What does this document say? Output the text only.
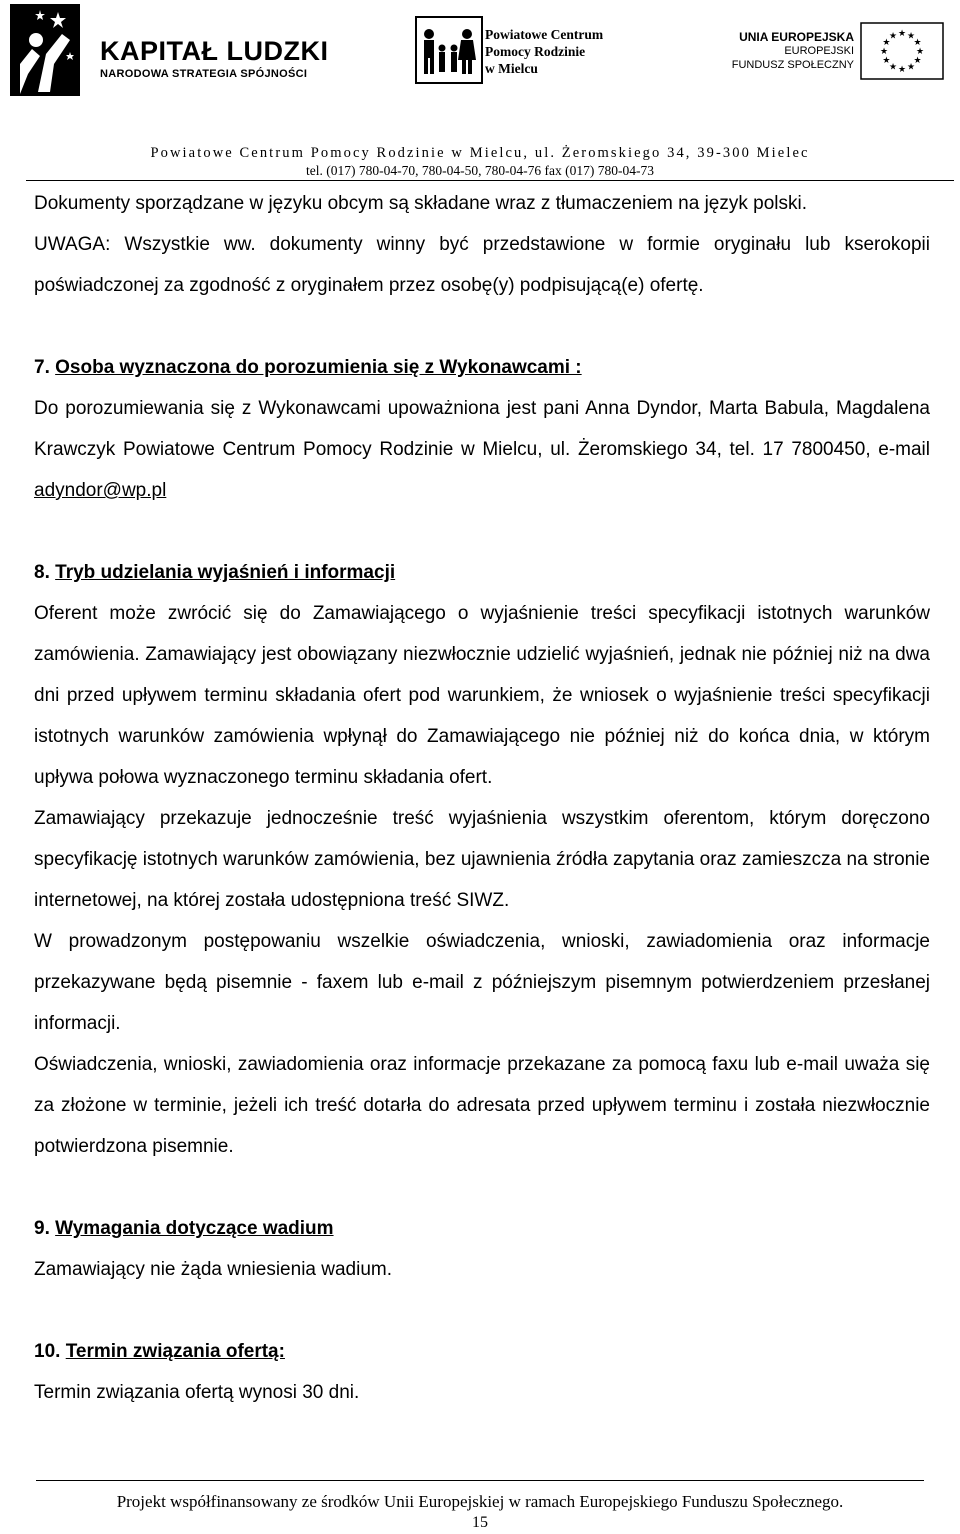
KAPITAŁ LUDZKI
NARODOWA STRATEGIA SPÓJNOŚCI
Powiatowe Centrum
Pomocy Rodzinie
w Mielcu
UNIA EUROPEJSKA
EUROPEJSKI
FUNDUSZ SPOŁECZNY
★ ★
★
★
★
★
★
★
★
★
★
★
Powiatowe Centrum Pomocy Rodzinie w Mielcu, ul. Żeromskiego 34, 39-300 Mielec
tel. (017) 780-04-70, 780-04-50, 780-04-76 fax (017) 780-04-73

Dokumenty sporządzane w języku obcym są składane wraz z tłumaczeniem na język polski.

UWAGA: Wszystkie ww. dokumenty winny być przedstawione w formie oryginału lub kserokopii poświadczonej za zgodność z oryginałem przez osobę(y) podpisującą(e) ofertę.

7. Osoba wyznaczona do porozumienia się z Wykonawcami :

Do porozumiewania się z Wykonawcami upoważniona jest pani Anna Dyndor, Marta Babula, Magdalena Krawczyk Powiatowe Centrum Pomocy Rodzinie w Mielcu, ul. Żeromskiego 34, tel. 17 7800450, e-mail adyndor@wp.pl

8. Tryb udzielania wyjaśnień i informacji

Oferent może zwrócić się do Zamawiającego o wyjaśnienie treści specyfikacji istotnych warunków zamówienia. Zamawiający jest obowiązany niezwłocznie udzielić wyjaśnień, jednak nie później niż na dwa dni przed upływem terminu składania ofert pod warunkiem, że wniosek o wyjaśnienie treści specyfikacji istotnych warunków zamówienia wpłynął do Zamawiającego nie później niż do końca dnia, w którym upływa połowa wyznaczonego terminu składania ofert.

Zamawiający przekazuje jednocześnie treść wyjaśnienia wszystkim oferentom, którym doręczono specyfikację istotnych warunków zamówienia, bez ujawnienia źródła zapytania oraz zamieszcza na stronie internetowej, na której została udostępniona treść SIWZ.

W prowadzonym postępowaniu wszelkie oświadczenia, wnioski, zawiadomienia oraz informacje przekazywane będą pisemnie - faxem lub e-mail z późniejszym pisemnym potwierdzeniem przesłanej informacji.

Oświadczenia, wnioski, zawiadomienia oraz informacje przekazane za pomocą faxu lub e-mail uważa się za złożone w terminie, jeżeli ich treść dotarła do adresata przed upływem terminu i została niezwłocznie potwierdzona pisemnie.

9. Wymagania dotyczące wadium

Zamawiający nie żąda wniesienia wadium.

10. Termin związania ofertą:

Termin związania ofertą wynosi 30 dni.

Projekt współfinansowany ze środków Unii Europejskiej w ramach Europejskiego Funduszu Społecznego.
15
